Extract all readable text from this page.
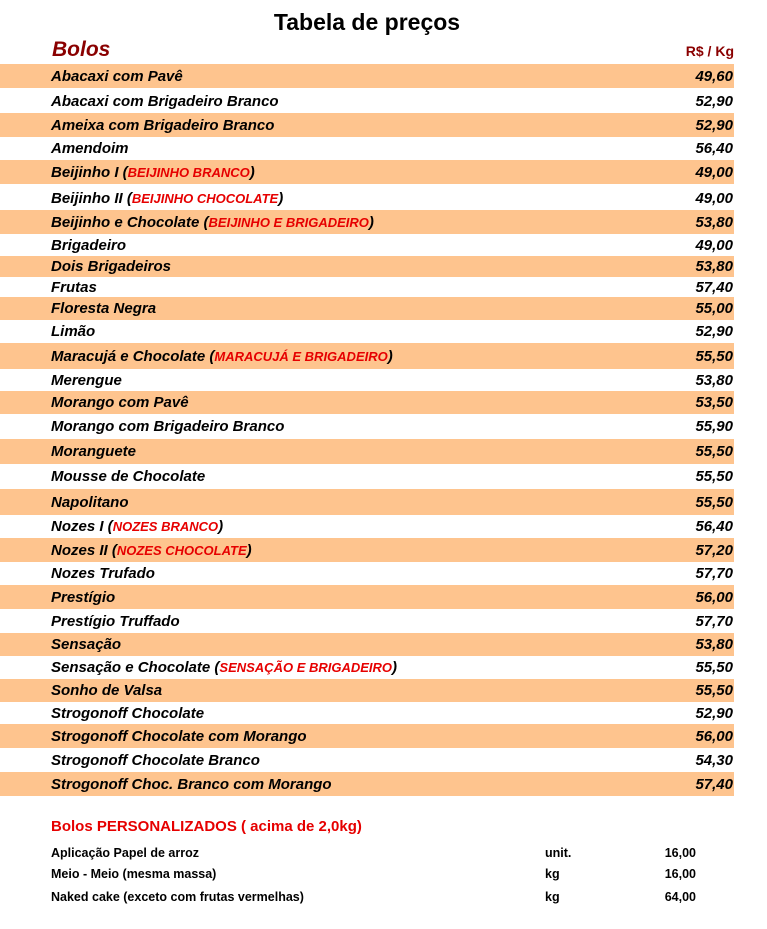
Tabela de preços
Bolos	R$ / Kg
Abacaxi com Pavê	49,60
Abacaxi com Brigadeiro Branco	52,90
Ameixa com Brigadeiro Branco	52,90
Amendoim	56,40
Beijinho I (BEIJINHO BRANCO)	49,00
Beijinho II (BEIJINHO CHOCOLATE)	49,00
Beijinho e Chocolate (BEIJINHO E BRIGADEIRO)	53,80
Brigadeiro	49,00
Dois Brigadeiros	53,80
Frutas	57,40
Floresta Negra	55,00
Limão	52,90
Maracujá e Chocolate (MARACUJÁ E BRIGADEIRO)	55,50
Merengue	53,80
Morango com Pavê	53,50
Morango com Brigadeiro Branco	55,90
Moranguete	55,50
Mousse de Chocolate	55,50
Napolitano	55,50
Nozes I (NOZES BRANCO)	56,40
Nozes II (NOZES CHOCOLATE)	57,20
Nozes Trufado	57,70
Prestígio	56,00
Prestígio Truffado	57,70
Sensação	53,80
Sensação e Chocolate (SENSAÇÃO E BRIGADEIRO)	55,50
Sonho de Valsa	55,50
Strogonoff Chocolate	52,90
Strogonoff Chocolate com Morango	56,00
Strogonoff Chocolate Branco	54,30
Strogonoff Choc. Branco com Morango	57,40
Bolos PERSONALIZADOS ( acima de 2,0kg)
Aplicação Papel de arroz	unit.	16,00
Meio - Meio (mesma massa)	kg	16,00
Naked cake (exceto com frutas vermelhas)	kg	64,00
